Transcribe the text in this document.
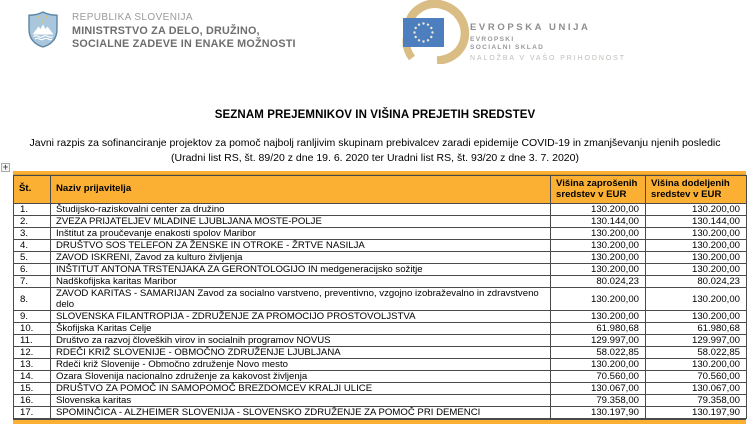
REPUBLIKA SLOVENIJA
MINISTRSTVO ZA DELO, DRUŽINO,
SOCIALNE ZADEVE IN ENAKE MOŽNOSTI
EVROPSKA UNIJA
EVROPSKI
SOCIALNI SKLAD
NALOŽBA V VAŠO PRIHODNOST
SEZNAM PREJEMNIKOV IN VIŠINA PREJETIH SREDSTEV
Javni razpis za sofinanciranje projektov za pomoč najbolj ranljivim skupinam prebivalcev zaradi epidemije COVID-19 in zmanjševanju njenih posledic
(Uradni list RS, št. 89/20 z dne 19. 6. 2020 ter Uradni list RS, št. 93/20 z dne 3. 7. 2020)
+
Št.	Naziv prijavitelja	Višina zaprošenih sredstev v EUR	Višina dodeljenih sredstev v EUR
1.	Študijsko-raziskovalni center za družino	130.200,00	130.200,00
2.	ZVEZA PRIJATELJEV MLADINE LJUBLJANA MOSTE-POLJE	130.144,00	130.144,00
3.	Inštitut za proučevanje enakosti spolov Maribor	130.200,00	130.200,00
4.	DRUŠTVO SOS TELEFON ZA ŽENSKE IN OTROKE - ŽRTVE NASILJA	130.200,00	130.200,00
5.	ZAVOD ISKRENI, Zavod za kulturo življenja	130.200,00	130.200,00
6.	INŠTITUT ANTONA TRSTENJAKA ZA GERONTOLOGIJO IN medgeneracijsko sožitje	130.200,00	130.200,00
7.	Nadškofijska karitas Maribor	80.024,23	80.024,23
8.	ZAVOD KARITAS - SAMARIJAN Zavod za socialno varstveno, preventivno, vzgojno izobraževalno in zdravstveno delo	130.200,00	130.200,00
9.	SLOVENSKA FILANTROPIJA - ZDRUŽENJE ZA PROMOCIJO PROSTOVOLJSTVA	130.200,00	130.200,00
10.	Škofijska Karitas Celje	61.980,68	61.980,68
11.	Društvo za razvoj človeških virov in socialnih programov NOVUS	129.997,00	129.997,00
12.	RDEČI KRIŽ SLOVENIJE - OBMOČNO ZDRUŽENJE LJUBLJANA	58.022,85	58.022,85
13.	Rdeči križ Slovenije - Območno združenje Novo mesto	130.200,00	130.200,00
14.	Ozara Slovenija nacionalno združenje za kakovost življenja	70.560,00	70.560,00
15.	DRUŠTVO ZA POMOČ IN SAMOPOMOČ BREZDOMCEV KRALJI ULICE	130.067,00	130.067,00
16.	Slovenska karitas	79.358,00	79.358,00
17.	SPOMINČICA - ALZHEIMER SLOVENIJA - SLOVENSKO ZDRUŽENJE ZA POMOČ PRI DEMENCI	130.197,90	130.197,90
